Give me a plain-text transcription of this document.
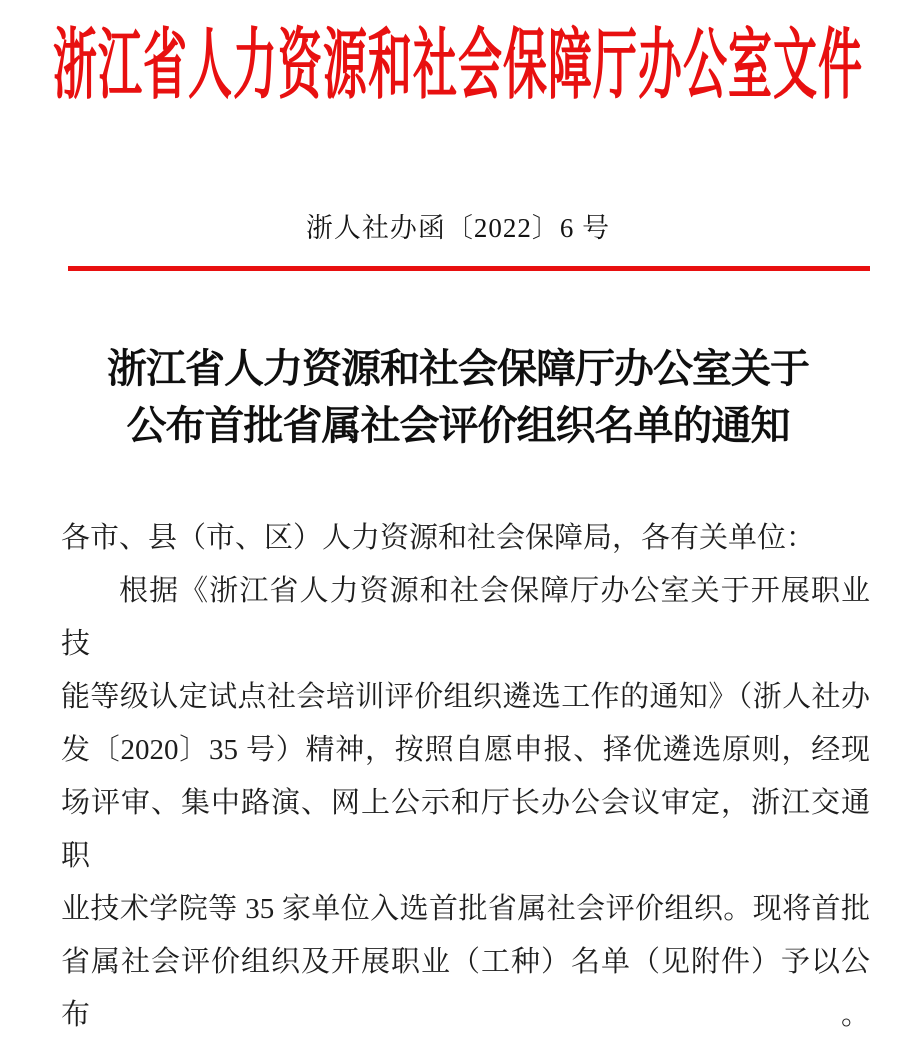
浙江省人力资源和社会保障厅办公室文件
浙人社办函〔2022〕6 号
浙江省人力资源和社会保障厅办公室关于
公布首批省属社会评价组织名单的通知
各市、县（市、区）人力资源和社会保障局，各有关单位：
根据《浙江省人力资源和社会保障厅办公室关于开展职业技
能等级认定试点社会培训评价组织遴选工作的通知》（浙人社办
发〔2020〕35 号）精神，按照自愿申报、择优遴选原则，经现
场评审、集中路演、网上公示和厅长办公会议审定，浙江交通职
业技术学院等 35 家单位入选首批省属社会评价组织。现将首批
省属社会评价组织及开展职业（工种）名单（见附件）予以公布。
